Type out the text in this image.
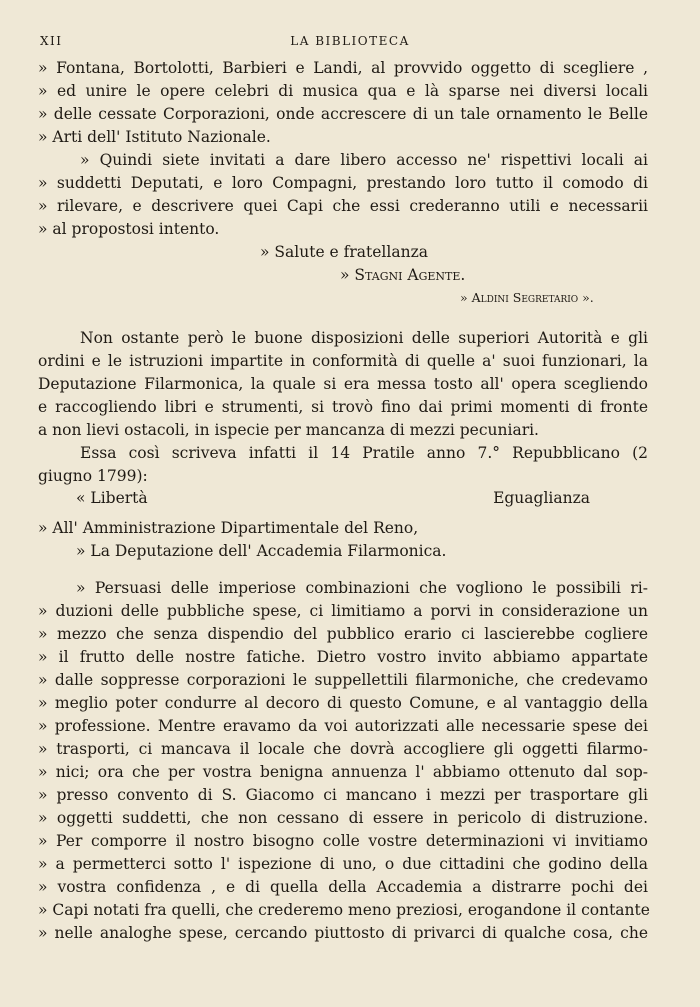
XII	LA BIBLIOTECA
» Fontana, Bortolotti, Barbieri e Landi, al provvido oggetto di scegliere ,
» ed unire le opere celebri di musica qua e là sparse nei diversi locali
» delle cessate Corporazioni, onde accrescere di un tale ornamento le Belle
» Arti dell' Istituto Nazionale.
» Quindi siete invitati a dare libero accesso ne' rispettivi locali ai
» suddetti Deputati, e loro Compagni, prestando loro tutto il comodo di
» rilevare, e descrivere quei Capi che essi crederanno utili e necessarii
» al propostosi intento.
» Salute e fratellanza
» Stagni Agente.
» Aldini Segretario ».
Non ostante però le buone disposizioni delle superiori Autorità e gli
ordini e le istruzioni impartite in conformità di quelle a' suoi funzionari, la
Deputazione Filarmonica, la quale si era messa tosto all' opera scegliendo
e raccogliendo libri e strumenti, si trovò fino dai primi momenti di fronte
a non lievi ostacoli, in ispecie per mancanza di mezzi pecuniari.
Essa così scriveva infatti il 14 Pratile anno 7.° Repubblicano (2
giugno 1799):
« Libertà	Eguaglianza
» All' Amministrazione Dipartimentale del Reno,
» La Deputazione dell' Accademia Filarmonica.
» Persuasi delle imperiose combinazioni che vogliono le possibili ri-
» duzioni delle pubbliche spese, ci limitiamo a porvi in considerazione un
» mezzo che senza dispendio del pubblico erario ci lascierebbe cogliere
» il frutto delle nostre fatiche. Dietro vostro invito abbiamo appartate
» dalle soppresse corporazioni le suppellettili filarmoniche, che credevamo
» meglio poter condurre al decoro di questo Comune, e al vantaggio della
» professione. Mentre eravamo da voi autorizzati alle necessarie spese dei
» trasporti, ci mancava il locale che dovrà accogliere gli oggetti filarmo-
» nici; ora che per vostra benigna annuenza l' abbiamo ottenuto dal sop-
» presso convento di S. Giacomo ci mancano i mezzi per trasportare gli
» oggetti suddetti, che non cessano di essere in pericolo di distruzione.
» Per comporre il nostro bisogno colle vostre determinazioni vi invitiamo
» a permetterci sotto l' ispezione di uno, o due cittadini che godino della
» vostra confidenza , e di quella della Accademia a distrarre pochi dei
» Capi notati fra quelli, che crederemo meno preziosi, erogandone il contante
» nelle analoghe spese, cercando piuttosto di privarci di qualche cosa, che
